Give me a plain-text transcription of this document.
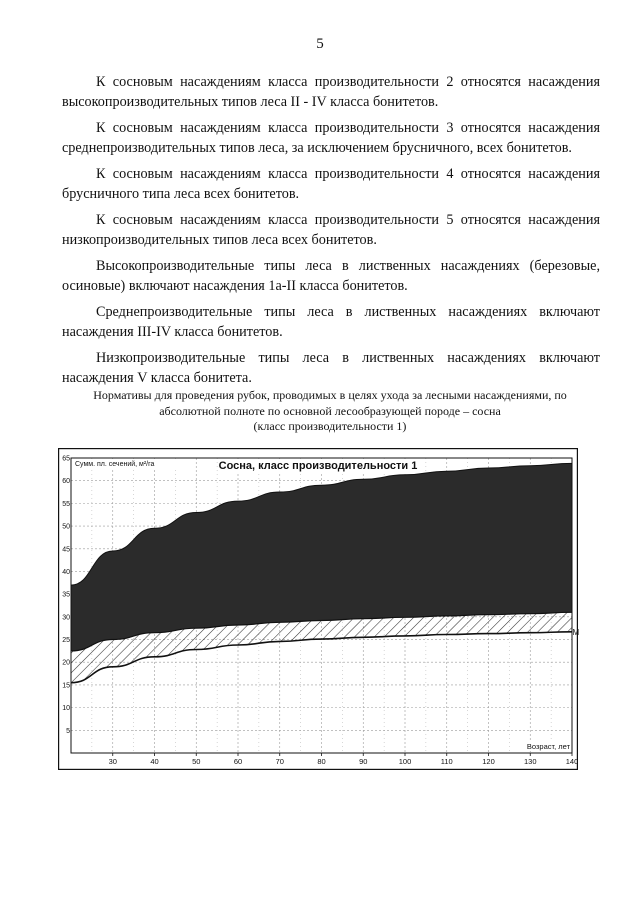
5

К сосновым насаждениям класса производительности 2 относятся насаждения высокопроизводительных типов леса II - IV класса бонитетов.

К сосновым насаждениям класса производительности 3 относятся насаждения среднепроизводительных типов леса, за исключением брусничного, всех бонитетов.

К сосновым насаждениям класса производительности 4 относятся насаждения брусничного типа леса всех бонитетов.

К сосновым насаждениям класса производительности 5 относятся насаждения низкопроизводительных типов леса всех бонитетов.

Высокопроизводительные типы леса в лиственных насаждениях (березовые, осиновые) включают насаждения 1а-II класса бонитетов.

Среднепроизводительные типы леса в лиственных насаждениях включают насаждения III-IV класса бонитетов.

Низкопроизводительные типы леса в лиственных насаждениях включают насаждения V класса бонитета.

Нормативы для проведения рубок, проводимых в целях ухода за лесными насаждениями, по
абсолютной полноте по основной лесообразующей породе – сосна
(класс производительности 1)
30	40	50	60	70	80	90	100	110	120	130	140
5
10
15
20
25
30
35
40
45
50
55
60
65
Сосна, класс производительности 1
Сумм. пл. сечений, м²/га
Возраст, лет
M
